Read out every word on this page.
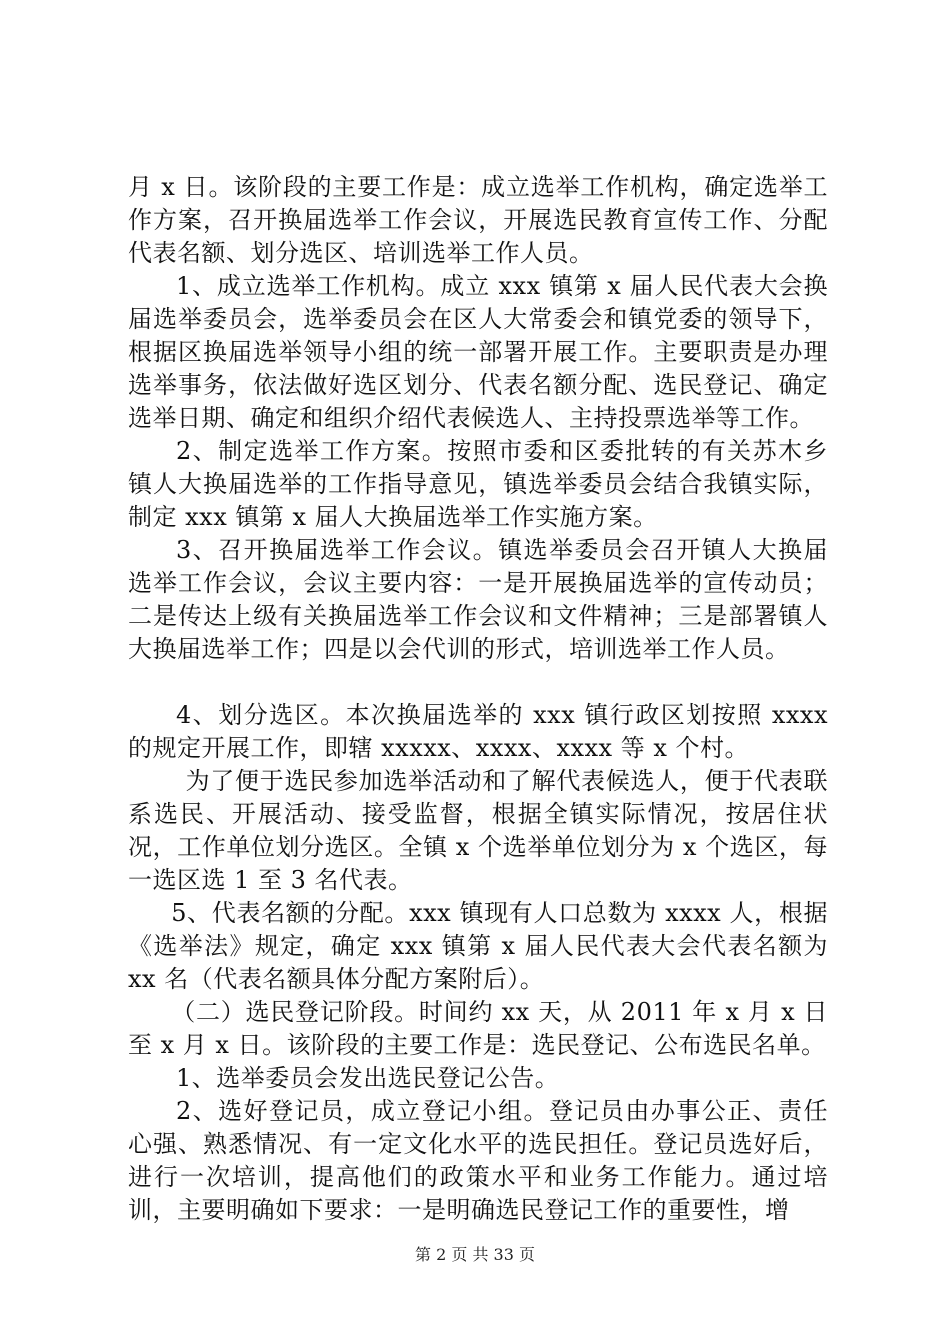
月 x 日。该阶段的主要工作是：成立选举工作机构，确定选举工作方案，召开换届选举工作会议，开展选民教育宣传工作、分配代表名额、划分选区、培训选举工作人员。

1、成立选举工作机构。成立 xxx 镇第 x 届人民代表大会换届选举委员会，选举委员会在区人大常委会和镇党委的领导下，根据区换届选举领导小组的统一部署开展工作。主要职责是办理选举事务，依法做好选区划分、代表名额分配、选民登记、确定选举日期、确定和组织介绍代表候选人、主持投票选举等工作。

2、制定选举工作方案。按照市委和区委批转的有关苏木乡镇人大换届选举的工作指导意见，镇选举委员会结合我镇实际，制定 xxx 镇第 x 届人大换届选举工作实施方案。

3、召开换届选举工作会议。镇选举委员会召开镇人大换届选举工作会议，会议主要内容：一是开展换届选举的宣传动员；二是传达上级有关换届选举工作会议和文件精神；三是部署镇人大换届选举工作；四是以会代训的形式，培训选举工作人员。

4、划分选区。本次换届选举的 xxx 镇行政区划按照 xxxx 的规定开展工作，即辖 xxxxx、xxxx、xxxx 等 x 个村。

为了便于选民参加选举活动和了解代表候选人，便于代表联系选民、开展活动、接受监督，根据全镇实际情况，按居住状况，工作单位划分选区。全镇 x 个选举单位划分为 x 个选区，每一选区选 1 至 3 名代表。

5、代表名额的分配。xxx 镇现有人口总数为 xxxx 人，根据《选举法》规定，确定 xxx 镇第 x 届人民代表大会代表名额为 xx 名（代表名额具体分配方案附后）。

（二）选民登记阶段。时间约 xx 天，从 2011 年 x 月 x 日至 x 月 x 日。该阶段的主要工作是：选民登记、公布选民名单。

1、选举委员会发出选民登记公告。

2、选好登记员，成立登记小组。登记员由办事公正、责任心强、熟悉情况、有一定文化水平的选民担任。登记员选好后，进行一次培训，提高他们的政策水平和业务工作能力。通过培训，主要明确如下要求：一是明确选民登记工作的重要性，增

第 2 页 共 33 页
